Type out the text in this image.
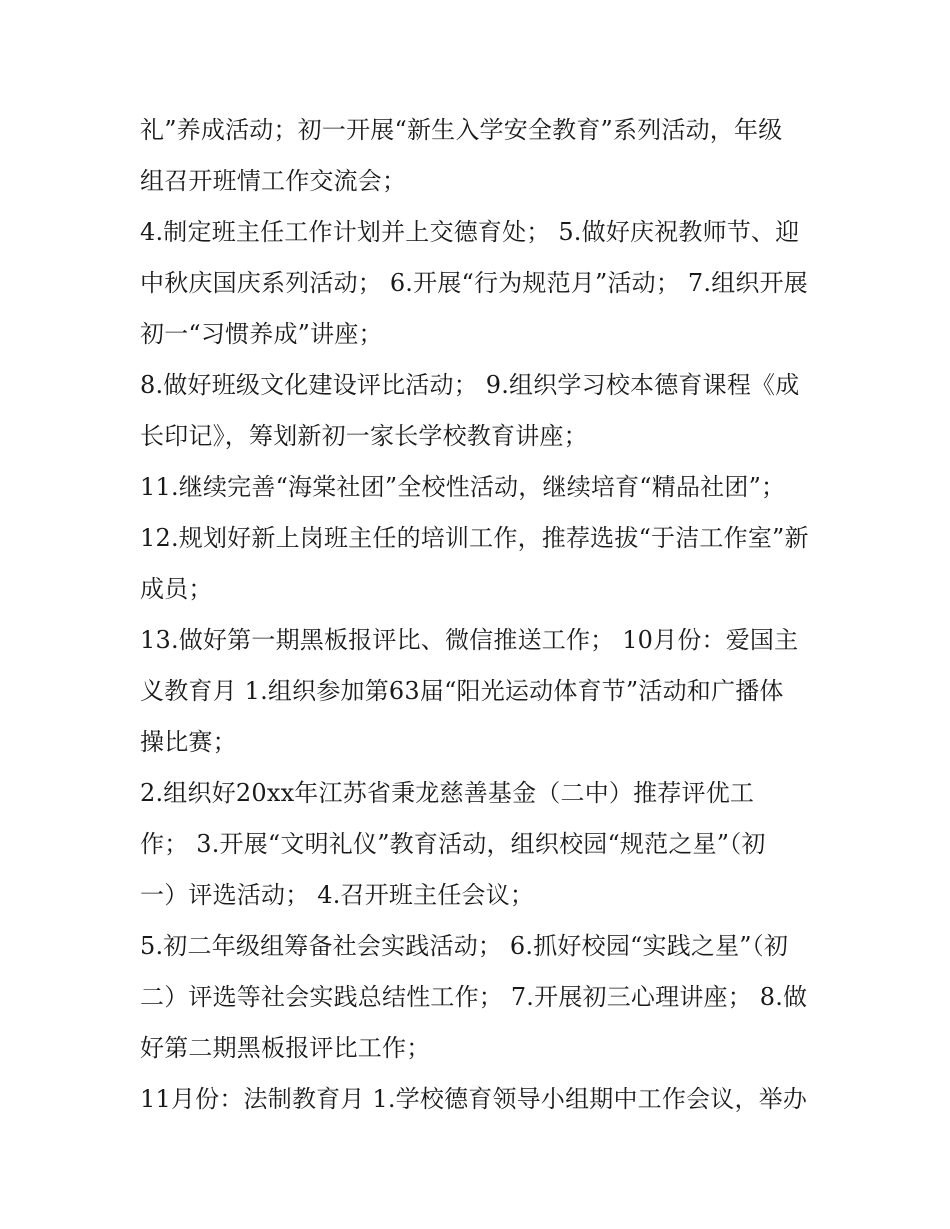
礼”养成活动；初一开展“新生入学安全教育”系列活动，年级
组召开班情工作交流会；
4.制定班主任工作计划并上交德育处； 5.做好庆祝教师节、迎
中秋庆国庆系列活动； 6.开展“行为规范月”活动； 7.组织开展
初一“习惯养成”讲座；
8.做好班级文化建设评比活动； 9.组织学习校本德育课程《成
长印记》，筹划新初一家长学校教育讲座；
11.继续完善“海棠社团”全校性活动，继续培育“精品社团”；
12.规划好新上岗班主任的培训工作，推荐选拔“于洁工作室”新
成员；
13.做好第一期黑板报评比、微信推送工作； 10月份：爱国主
义教育月 1.组织参加第63届“阳光运动体育节”活动和广播体
操比赛；
2.组织好20xx年江苏省秉龙慈善基金（二中）推荐评优工
作； 3.开展“文明礼仪”教育活动，组织校园“规范之星”（初
一）评选活动； 4.召开班主任会议；
5.初二年级组筹备社会实践活动； 6.抓好校园“实践之星”（初
二）评选等社会实践总结性工作； 7.开展初三心理讲座； 8.做
好第二期黑板报评比工作；
11月份：法制教育月 1.学校德育领导小组期中工作会议，举办
